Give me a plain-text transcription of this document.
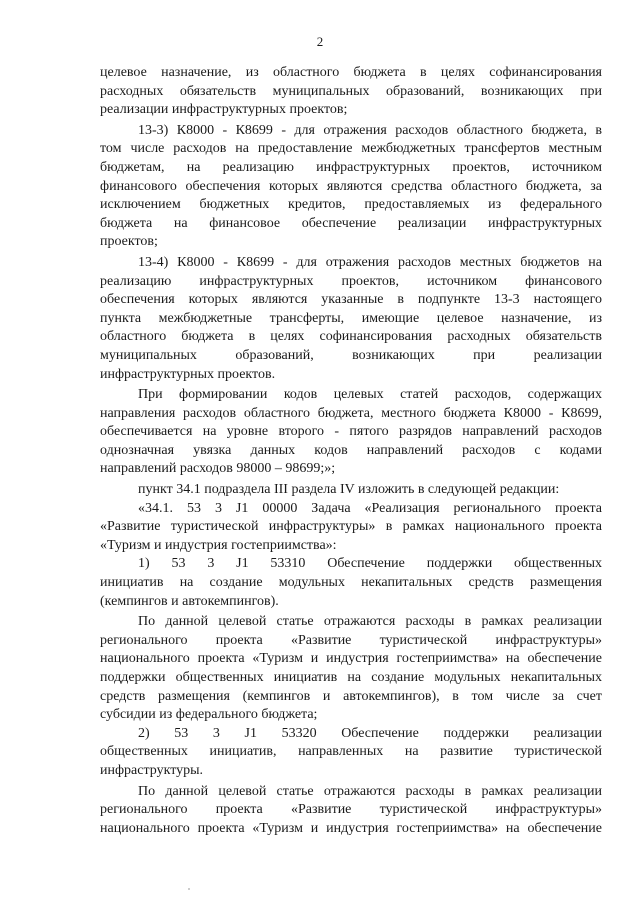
2
целевое назначение, из областного бюджета в целях софинансирования
расходных обязательств муниципальных образований, возникающих при
реализации инфраструктурных проектов;
13-3) К8000 - К8699 - для отражения расходов областного бюджета, в
том числе расходов на предоставление межбюджетных трансфертов местным
бюджетам, на реализацию инфраструктурных проектов, источником
финансового обеспечения которых являются средства областного бюджета, за
исключением бюджетных кредитов, предоставляемых из федерального
бюджета на финансовое обеспечение реализации инфраструктурных
проектов;
13-4) К8000 - К8699 - для отражения расходов местных бюджетов на
реализацию инфраструктурных проектов, источником финансового
обеспечения которых являются указанные в подпункте 13-3 настоящего
пункта межбюджетные трансферты, имеющие целевое назначение, из
областного бюджета в целях софинансирования расходных обязательств
муниципальных образований, возникающих при реализации
инфраструктурных проектов.
При формировании кодов целевых статей расходов, содержащих
направления расходов областного бюджета, местного бюджета К8000 - К8699,
обеспечивается на уровне второго - пятого разрядов направлений расходов
однозначная увязка данных кодов направлений расходов с кодами
направлений расходов 98000 – 98699;»;
пункт 34.1 подраздела III раздела IV изложить в следующей редакции:
«34.1. 53 3 J1 00000 Задача «Реализация регионального проекта
«Развитие туристической инфраструктуры» в рамках национального проекта
«Туризм и индустрия гостеприимства»:
1) 53 3 J1 53310 Обеспечение поддержки общественных
инициатив на создание модульных некапитальных средств размещения
(кемпингов и автокемпингов).
По данной целевой статье отражаются расходы в рамках реализации
регионального проекта «Развитие туристической инфраструктуры»
национального проекта «Туризм и индустрия гостеприимства» на обеспечение
поддержки общественных инициатив на создание модульных некапитальных
средств размещения (кемпингов и автокемпингов), в том числе за счет
субсидии из федерального бюджета;
2) 53 3 J1 53320 Обеспечение поддержки реализации
общественных инициатив, направленных на развитие туристической
инфраструктуры.
По данной целевой статье отражаются расходы в рамках реализации
регионального проекта «Развитие туристической инфраструктуры»
национального проекта «Туризм и индустрия гостеприимства» на обеспечение
